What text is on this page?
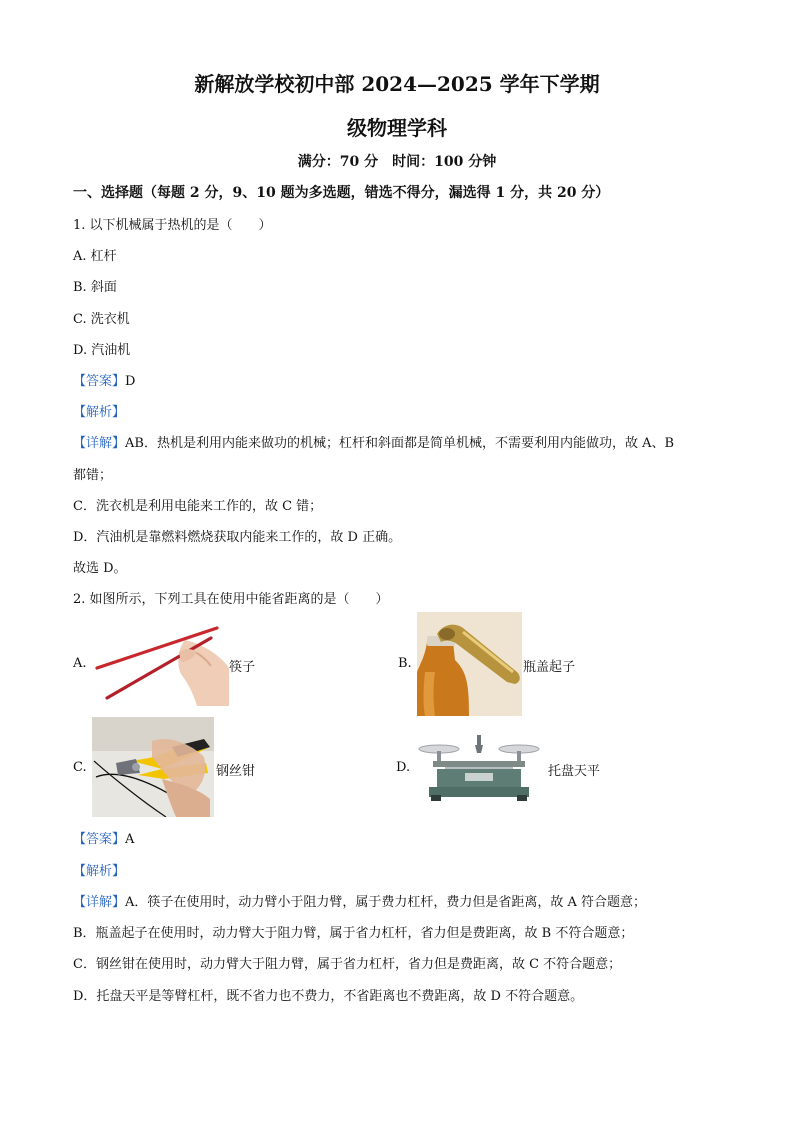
新解放学校初中部 2024—2025 学年下学期
级物理学科
满分：70 分　时间：100 分钟
一、选择题（每题 2 分，9、10 题为多选题，错选不得分，漏选得 1 分，共 20 分）
1. 以下机械属于热机的是（　　）
A. 杠杆
B. 斜面
C. 洗衣机
D. 汽油机
【答案】D
【解析】
【详解】AB．热机是利用内能来做功的机械；杠杆和斜面都是简单机械，不需要利用内能做功，故 A、B
都错；
C．洗衣机是利用电能来工作的，故 C 错；
D．汽油机是靠燃料燃烧获取内能来工作的，故 D 正确。
故选 D。
2. 如图所示，下列工具在使用中能省距离的是（　　）
A.	筷子	B.	瓶盖起子
C.	钢丝钳	D.	托盘天平
【答案】A
【解析】
【详解】A．筷子在使用时，动力臂小于阻力臂，属于费力杠杆，费力但是省距离，故 A 符合题意；
B．瓶盖起子在使用时，动力臂大于阻力臂，属于省力杠杆，省力但是费距离，故 B 不符合题意；
C．钢丝钳在使用时，动力臂大于阻力臂，属于省力杠杆，省力但是费距离，故 C 不符合题意；
D．托盘天平是等臂杠杆，既不省力也不费力，不省距离也不费距离，故 D 不符合题意。
